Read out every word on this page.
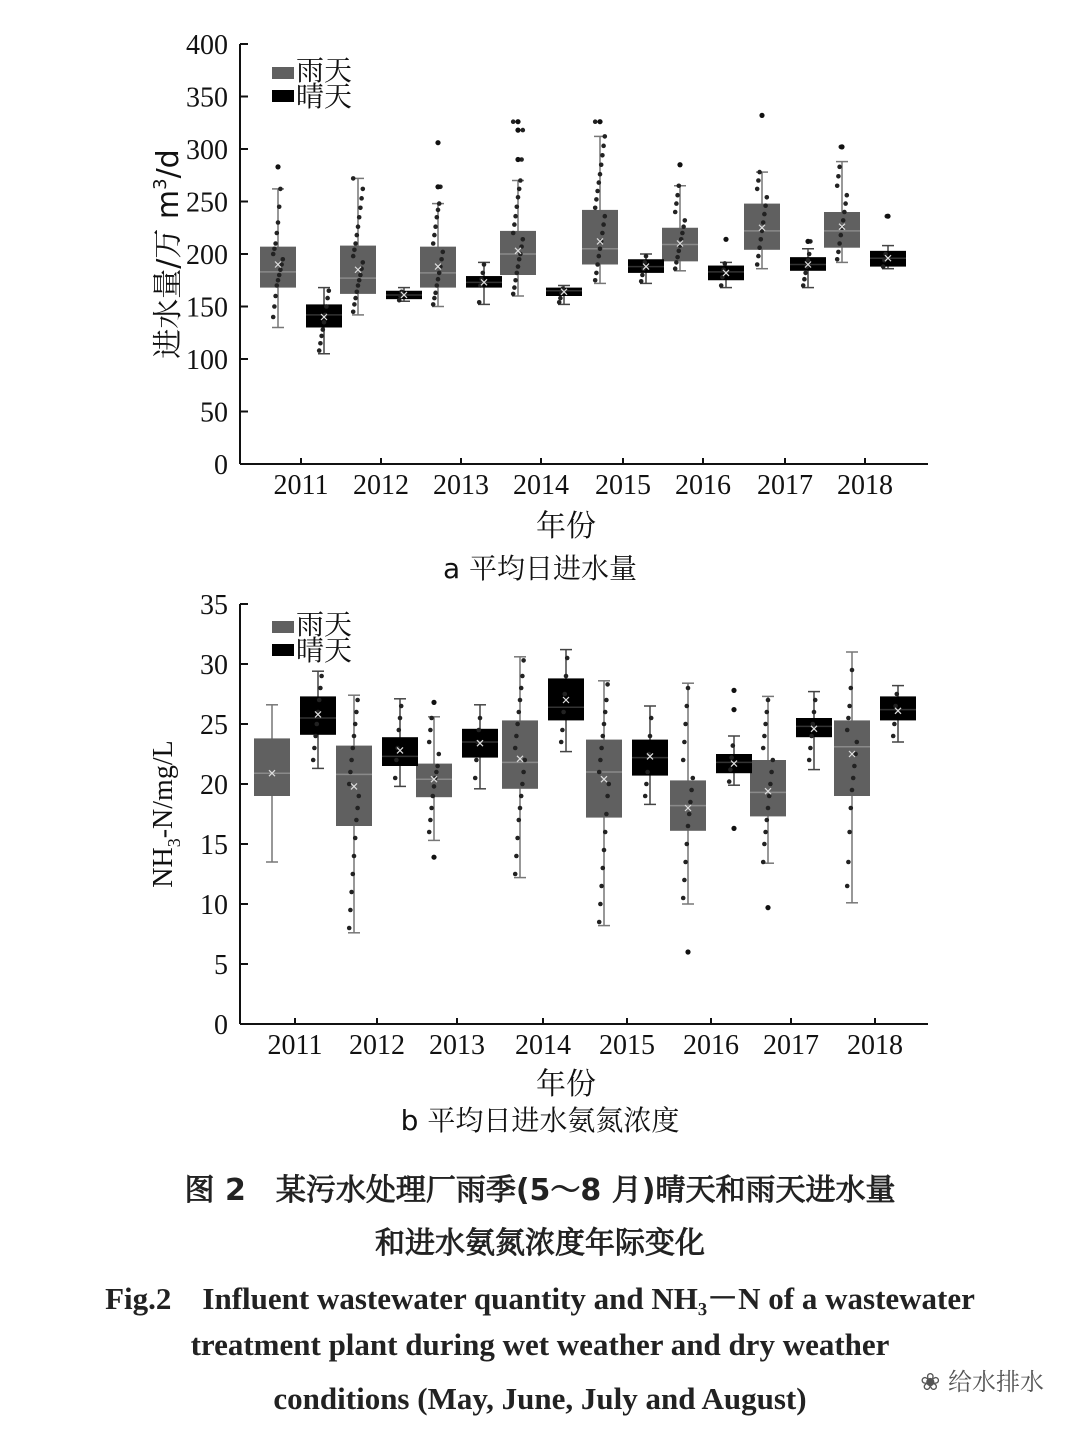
0
50
100
150
200
250
300
350
400
2011 2012 2013 2014 2015 2016 2017 2018
雨天
晴天
进水量/万 $m^3/d$
年份
a 平均日进水量
0
5
10
15
20
25
30
35
2011 2012 2013 2014 2015 2016 2017 2018
雨天
晴天
$NH_3-N/mg/L$
年份
b 平均日进水氨氮浓度
图 2　某污水处理厂雨季(5～8 月)晴天和雨天进水量
和进水氨氮浓度年际变化
Fig.2　Influent wastewater quantity and NH₃－N of a wastewater
treatment plant during wet weather and dry weather
conditions (May, June, July and August)	❀ 给水排水
